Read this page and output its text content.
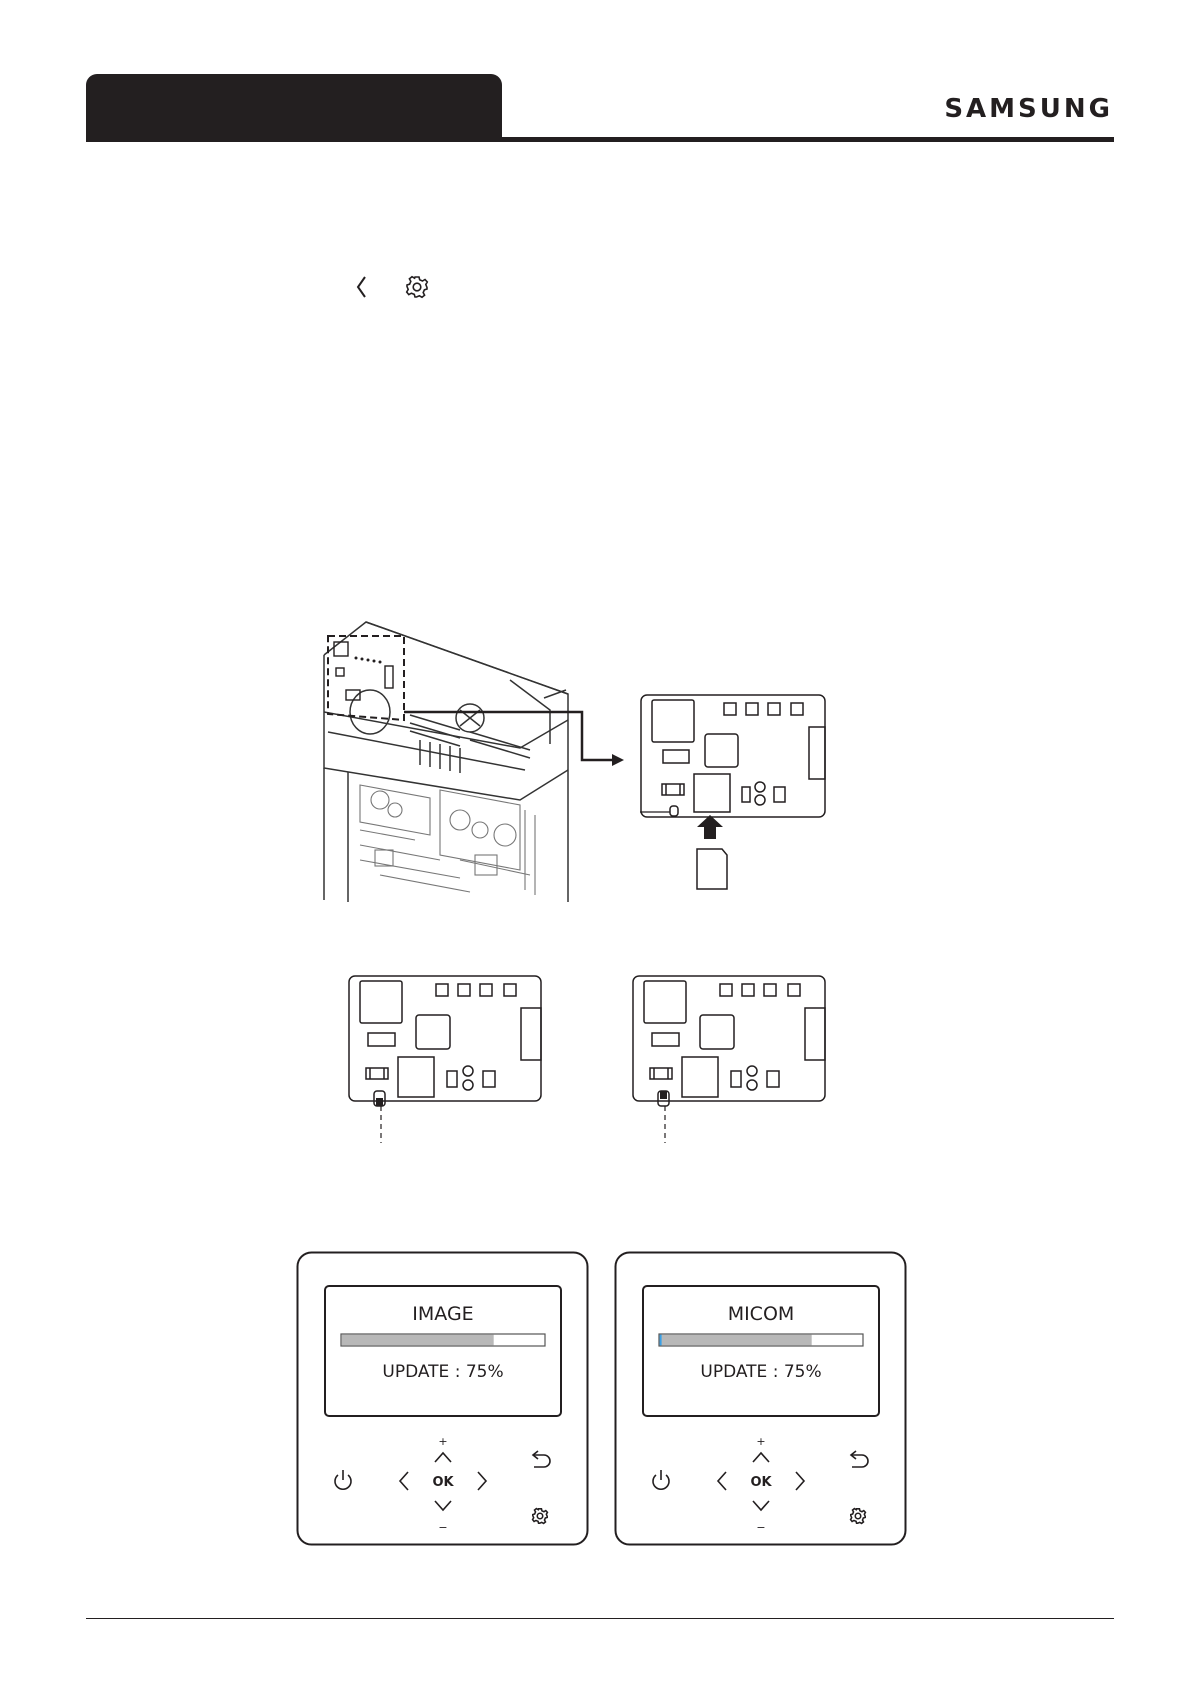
SAMSUNG
IMAGE
UPDATE : 75%
+
OK
−
MICOM
UPDATE : 75%
+
OK
−
